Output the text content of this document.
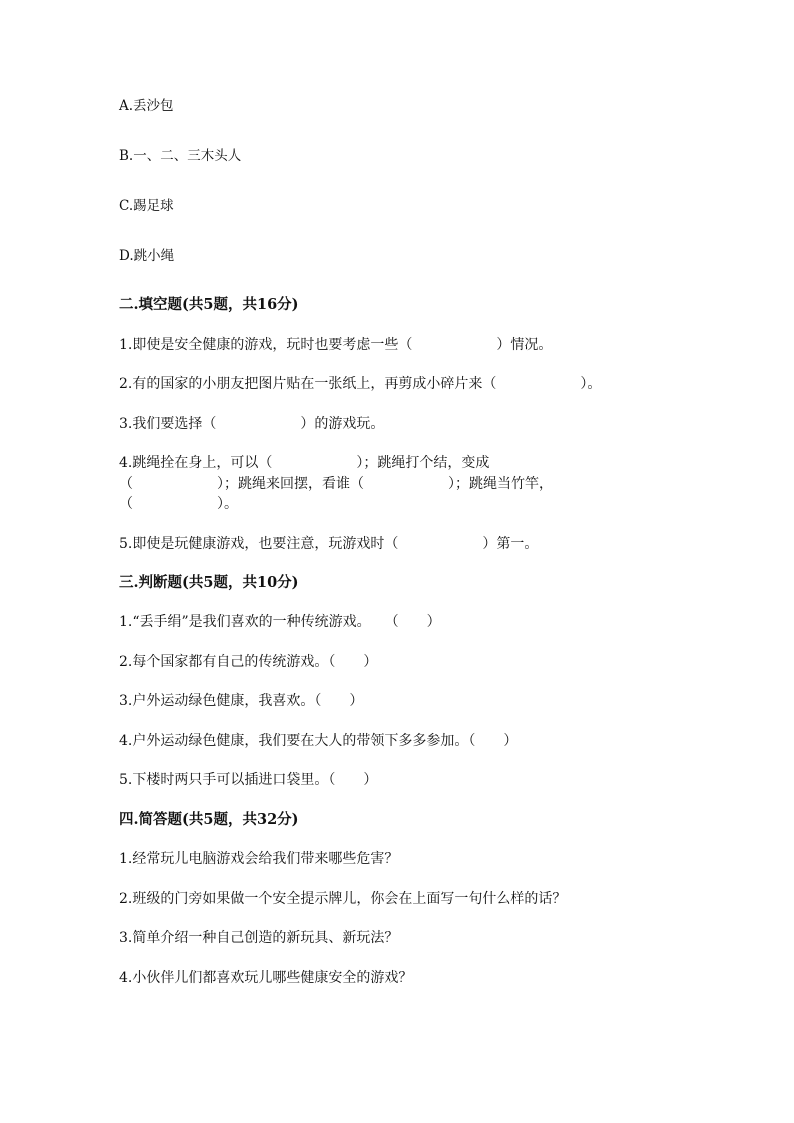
A.丢沙包
B.一、二、三木头人
C.踢足球
D.跳小绳
二.填空题(共5题，共16分)
1.即使是安全健康的游戏，玩时也要考虑一些（　　　　　　）情况。
2.有的国家的小朋友把图片贴在一张纸上，再剪成小碎片来（　　　　　　）。
3.我们要选择（　　　　　　）的游戏玩。
4.跳绳拴在身上，可以（　　　　　　）；跳绳打个结，变成
（　　　　　　）；跳绳来回摆，看谁（　　　　　　）；跳绳当竹竿，
（　　　　　　）。
5.即使是玩健康游戏，也要注意，玩游戏时（　　　　　　）第一。
三.判断题(共5题，共10分)
1.“丢手绢”是我们喜欢的一种传统游戏。　　（　　）
2.每个国家都有自己的传统游戏。（　　）
3.户外运动绿色健康，我喜欢。（　　）
4.户外运动绿色健康，我们要在大人的带领下多多参加。（　　）
5.下楼时两只手可以插进口袋里。（　　）
四.简答题(共5题，共32分)
1.经常玩儿电脑游戏会给我们带来哪些危害？
2.班级的门旁如果做一个安全提示牌儿，你会在上面写一句什么样的话？
3.简单介绍一种自己创造的新玩具、新玩法？
4.小伙伴儿们都喜欢玩儿哪些健康安全的游戏？
